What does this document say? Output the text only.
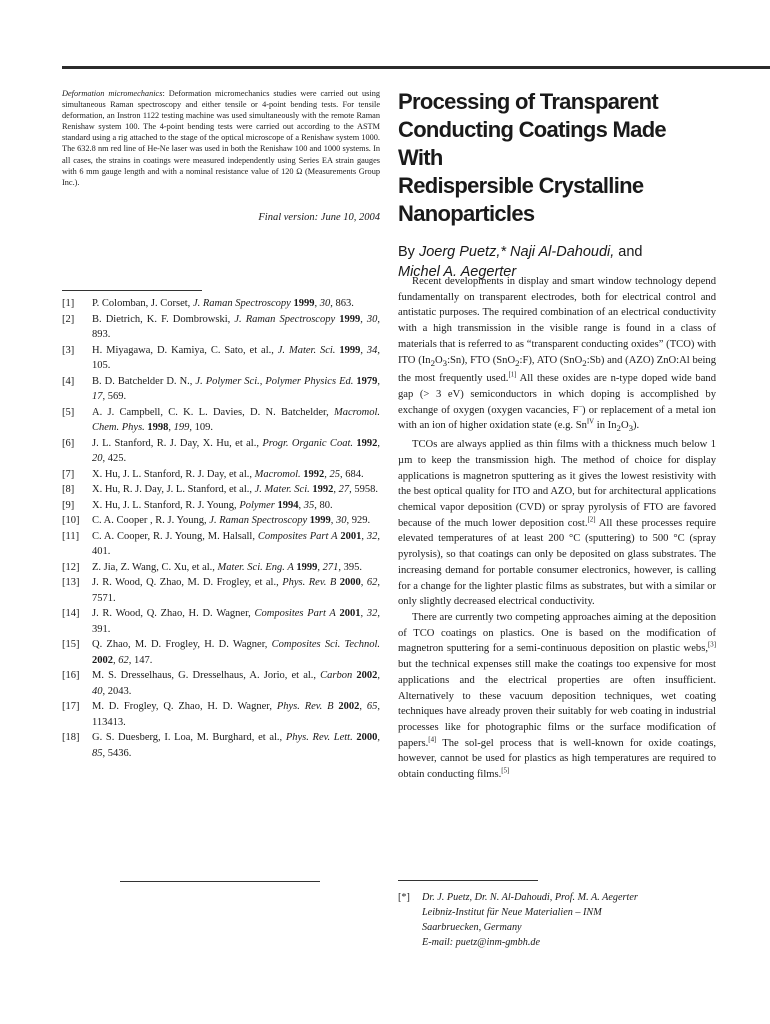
Deformation micromechanics: Deformation micromechanics studies were carried out using simultaneous Raman spectroscopy and either tensile or 4-point bending tests. For tensile deformation, an Instron 1122 testing machine was used simultaneously with the remote Raman Renishaw system 100. The 4-point bending tests were carried out according to the ASTM standard using a rig attached to the stage of the optical microscope of a Renishaw system 1000. The 632.8 nm red line of He-Ne laser was used in both the Renishaw 100 and 1000 systems. In all cases, the strains in coatings were measured independently using Series EA strain gauges with 6 mm gauge length and with a nominal resistance value of 120 Ω (Measurements Group Inc.).

Final version: June 10, 2004

[1] P. Colomban, J. Corset, J. Raman Spectroscopy 1999, 30, 863.
[2] B. Dietrich, K. F. Dombrowski, J. Raman Spectroscopy 1999, 30, 893.
[3] H. Miyagawa, D. Kamiya, C. Sato, et al., J. Mater. Sci. 1999, 34, 105.
[4] B. D. Batchelder D. N., J. Polymer Sci., Polymer Physics Ed. 1979, 17, 569.
[5] A. J. Campbell, C. K. L. Davies, D. N. Batchelder, Macromol. Chem. Phys. 1998, 199, 109.
[6] J. L. Stanford, R. J. Day, X. Hu, et al., Progr. Organic Coat. 1992, 20, 425.
[7] X. Hu, J. L. Stanford, R. J. Day, et al., Macromol. 1992, 25, 684.
[8] X. Hu, R. J. Day, J. L. Stanford, et al., J. Mater. Sci. 1992, 27, 5958.
[9] X. Hu, J. L. Stanford, R. J. Young, Polymer 1994, 35, 80.
[10] C. A. Cooper , R. J. Young, J. Raman Spectroscopy 1999, 30, 929.
[11] C. A. Cooper, R. J. Young, M. Halsall, Composites Part A 2001, 32, 401.
[12] Z. Jia, Z. Wang, C. Xu, et al., Mater. Sci. Eng. A 1999, 271, 395.
[13] J. R. Wood, Q. Zhao, M. D. Frogley, et al., Phys. Rev. B 2000, 62, 7571.
[14] J. R. Wood, Q. Zhao, H. D. Wagner, Composites Part A 2001, 32, 391.
[15] Q. Zhao, M. D. Frogley, H. D. Wagner, Composites Sci. Technol. 2002, 62, 147.
[16] M. S. Dresselhaus, G. Dresselhaus, A. Jorio, et al., Carbon 2002, 40, 2043.
[17] M. D. Frogley, Q. Zhao, H. D. Wagner, Phys. Rev. B 2002, 65, 113413.
[18] G. S. Duesberg, I. Loa, M. Burghard, et al., Phys. Rev. Lett. 2000, 85, 5436.
Processing of Transparent
Conducting Coatings Made With
Redispersible Crystalline
Nanoparticles

By Joerg Puetz,* Naji Al-Dahoudi, and
Michel A. Aegerter

Recent developments in display and smart window technology depend fundamentally on transparent electrodes, both for electrical control and antistatic purposes. The required combination of an electrical conductivity with a high transmission in the visible range is found in a class of materials that is referred to as “transparent conducting oxides” (TCO) with ITO $(In_2O_3:Sn)$, FTO (SnO$_2$:F), ATO (SnO$_2$:Sb) and (AZO) ZnO:Al being the most frequently used.[1] All these oxides are n-type doped wide band gap (> 3 eV) semiconductors in which doping is accomplished by exchange of oxygen (oxygen vacancies, F–) or replacement of a metal ion with an ion of higher oxidation state (e.g. $Sn^{IV}$ in $In_2O_3$).

TCOs are always applied as thin films with a thickness much below 1 µm to keep the transmission high. The method of choice for display applications is magnetron sputtering as it gives the lowest resistivity with the best optical quality for ITO and AZO, but for architectural applications chemical vapor deposition (CVD) or spray pyrolysis of FTO are favored because of the much lower deposition cost.[2] All these processes require elevated temperatures of at least 200 °C (sputtering) to 500 °C (spray pyrolysis), so that coatings can only be deposited on glass substrates. The increasing demand for portable consumer electronics, however, is calling for a change for the lighter plastic films as substrates, but with a similar or only slightly decreased electrical conductivity.

There are currently two competing approaches aiming at the deposition of TCO coatings on plastics. One is based on the modification of magnetron sputtering for a semi-continuous deposition on plastic webs,[3] but the technical expenses still make the coatings too expensive for most applications and the electrical properties are often insufficient. Alternatively to these vacuum deposition techniques, wet coating techniques have already proven their suitably for web coating in industrial processes like for photographic films or the surface modification of papers.[4] The sol-gel process that is well-known for oxide coatings, however, cannot be used for plastics as high temperatures are required to obtain conducting films.[5]

[*] Dr. J. Puetz, Dr. N. Al-Dahoudi, Prof. M. A. Aegerter
Leibniz-Institut für Neue Materialien – INM
Saarbruecken, Germany
E-mail: puetz@inm-gmbh.de
